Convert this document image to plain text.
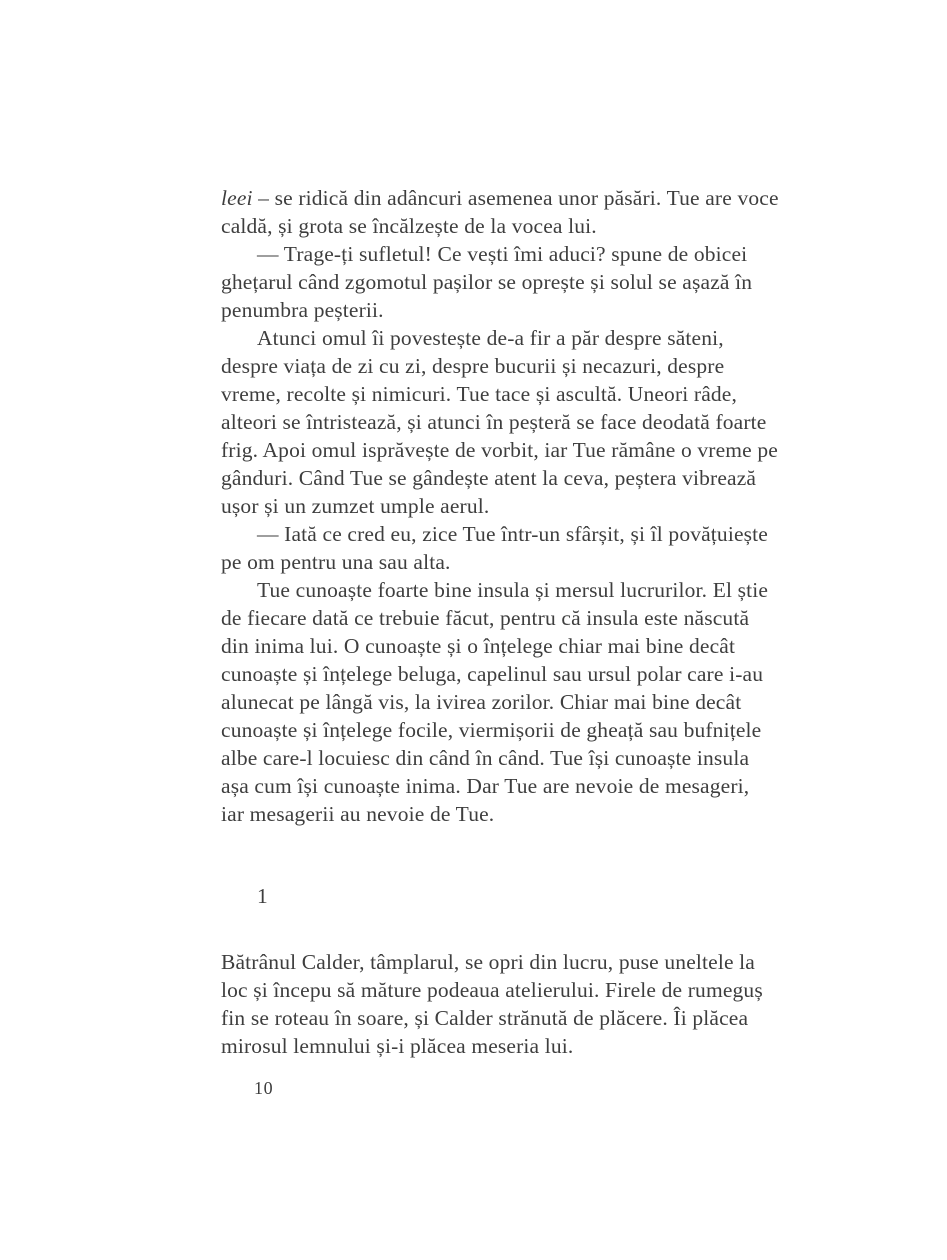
leei – se ridică din adâncuri asemenea unor păsări. Tue are voce
caldă, și grota se încălzește de la vocea lui.
— Trage-ți sufletul! Ce vești îmi aduci? spune de obicei
ghețarul când zgomotul pașilor se oprește și solul se așază în
penumbra peșterii.
Atunci omul îi povestește de-a fir a păr despre săteni,
despre viața de zi cu zi, despre bucurii și necazuri, despre
vreme, recolte și nimicuri. Tue tace și ascultă. Uneori râde,
alteori se întristează, și atunci în peșteră se face deodată foarte
frig. Apoi omul isprăvește de vorbit, iar Tue rămâne o vreme pe
gânduri. Când Tue se gândește atent la ceva, peștera vibrează
ușor și un zumzet umple aerul.
— Iată ce cred eu, zice Tue într-un sfârșit, și îl povățuiește
pe om pentru una sau alta.
Tue cunoaște foarte bine insula și mersul lucrurilor. El știe
de fiecare dată ce trebuie făcut, pentru că insula este născută
din inima lui. O cunoaște și o înțelege chiar mai bine decât
cunoaște și înțelege beluga, capelinul sau ursul polar care i-au
alunecat pe lângă vis, la ivirea zorilor. Chiar mai bine decât
cunoaște și înțelege focile, viermișorii de gheață sau bufnițele
albe care-l locuiesc din când în când. Tue își cunoaște insula
așa cum își cunoaște inima. Dar Tue are nevoie de mesageri,
iar mesagerii au nevoie de Tue.
1
Bătrânul Calder, tâmplarul, se opri din lucru, puse uneltele la
loc și începu să măture podeaua atelierului. Firele de rumeguș
fin se roteau în soare, și Calder strănută de plăcere. Îi plăcea
mirosul lemnului și-i plăcea meseria lui.
10
